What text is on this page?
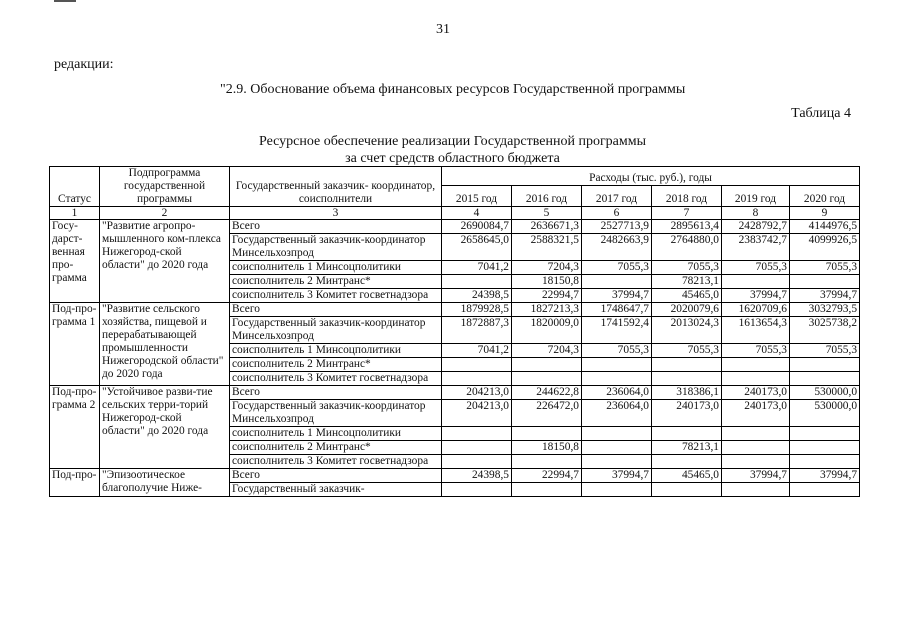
31
редакции:
"2.9. Обоснование объема финансовых ресурсов Государственной программы
Таблица 4
Ресурсное обеспечение реализации Государственной программы
за счет средств областного бюджета
Статус	Подпрограмма государственной программы	Государственный заказчик- координатор, соисполнители	Расходы (тыс. руб.), годы					
			2015 год	2016 год	2017 год	2018 год	2019 год	2020 год
1	2	3	4	5	6	7	8	9
Госу-дарст-венная про-грамма	"Развитие агропро-мышленного ком-плекса Нижегород-ской области" до 2020 года	Всего	2690084,7	2636671,3	2527713,9	2895613,4	2428792,7	4144976,5
		Государственный заказчик-координатор Минсельхозпрод	2658645,0	2588321,5	2482663,9	2764880,0	2383742,7	4099926,5
		соисполнитель 1 Минсоцполитики	7041,2	7204,3	7055,3	7055,3	7055,3	7055,3
		соисполнитель 2 Минтранс*		18150,8		78213,1		
		соисполнитель 3 Комитет госветнадзора	24398,5	22994,7	37994,7	45465,0	37994,7	37994,7
Под-про-грамма 1	"Развитие сельского хозяйства, пищевой и перерабатывающей промышленности Нижегородской области" до 2020 года	Всего	1879928,5	1827213,3	1748647,7	2020079,6	1620709,6	3032793,5
		Государственный заказчик-координатор Минсельхозпрод	1872887,3	1820009,0	1741592,4	2013024,3	1613654,3	3025738,2
		соисполнитель 1 Минсоцполитики	7041,2	7204,3	7055,3	7055,3	7055,3	7055,3
		соисполнитель 2 Минтранс*						
		соисполнитель 3 Комитет госветнадзора						
Под-про-грамма 2	"Устойчивое разви-тие сельских терри-торий Нижегород-ской области" до 2020 года	Всего	204213,0	244622,8	236064,0	318386,1	240173,0	530000,0
		Государственный заказчик-координатор Минсельхозпрод	204213,0	226472,0	236064,0	240173,0	240173,0	530000,0
		соисполнитель 1 Минсоцполитики						
		соисполнитель 2 Минтранс*		18150,8		78213,1		
		соисполнитель 3 Комитет госветнадзора						
Под-про-	"Эпизоотическое благополучие Ниже-	Всего	24398,5	22994,7	37994,7	45465,0	37994,7	37994,7
		Государственный заказчик-						
